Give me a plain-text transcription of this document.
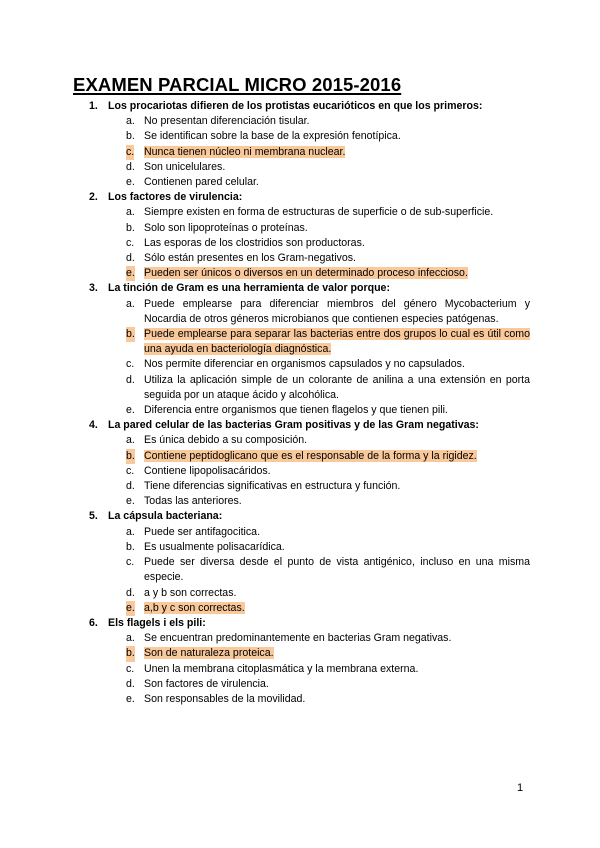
EXAMEN PARCIAL MICRO 2015-2016
1. Los procariotas difieren de los protistas eucarióticos en que los primeros:
a. No presentan diferenciación tisular.
b. Se identifican sobre la base de la expresión fenotípica.
c. Nunca tienen núcleo ni membrana nuclear.
d. Son unicelulares.
e. Contienen pared celular.
2. Los factores de virulencia:
a. Siempre existen en forma de estructuras de superficie o de sub-superficie.
b. Solo son lipoproteínas o proteínas.
c. Las esporas de los clostridios son productoras.
d. Sólo están presentes en los Gram-negativos.
e. Pueden ser únicos o diversos en un determinado proceso infeccioso.
3. La tinción de Gram es una herramienta de valor porque:
a. Puede emplearse para diferenciar miembros del género Mycobacterium y Nocardia de otros géneros microbianos que contienen especies patógenas.
b. Puede emplearse para separar las bacterias entre dos grupos lo cual es útil como una ayuda en bacteriología diagnóstica.
c. Nos permite diferenciar en organismos capsulados y no capsulados.
d. Utiliza la aplicación simple de un colorante de anilina a una extensión en porta seguida por un ataque ácido y alcohólica.
e. Diferencia entre organismos que tienen flagelos y que tienen pili.
4. La pared celular de las bacterias Gram positivas y de las Gram negativas:
a. Es única debido a su composición.
b. Contiene peptidoglicano que es el responsable de la forma y la rigidez.
c. Contiene lipopolisacáridos.
d. Tiene diferencias significativas en estructura y función.
e. Todas las anteriores.
5. La cápsula bacteriana:
a. Puede ser antifagocitica.
b. Es usualmente polisacarídica.
c. Puede ser diversa desde el punto de vista antigénico, incluso en una misma especie.
d. a y b son correctas.
e. a,b y c son correctas.
6. Els flagels i els pili:
a. Se encuentran predominantemente en bacterias Gram negativas.
b. Son de naturaleza proteica.
c. Unen la membrana citoplasmática y la membrana externa.
d. Son factores de virulencia.
e. Son responsables de la movilidad.
1
